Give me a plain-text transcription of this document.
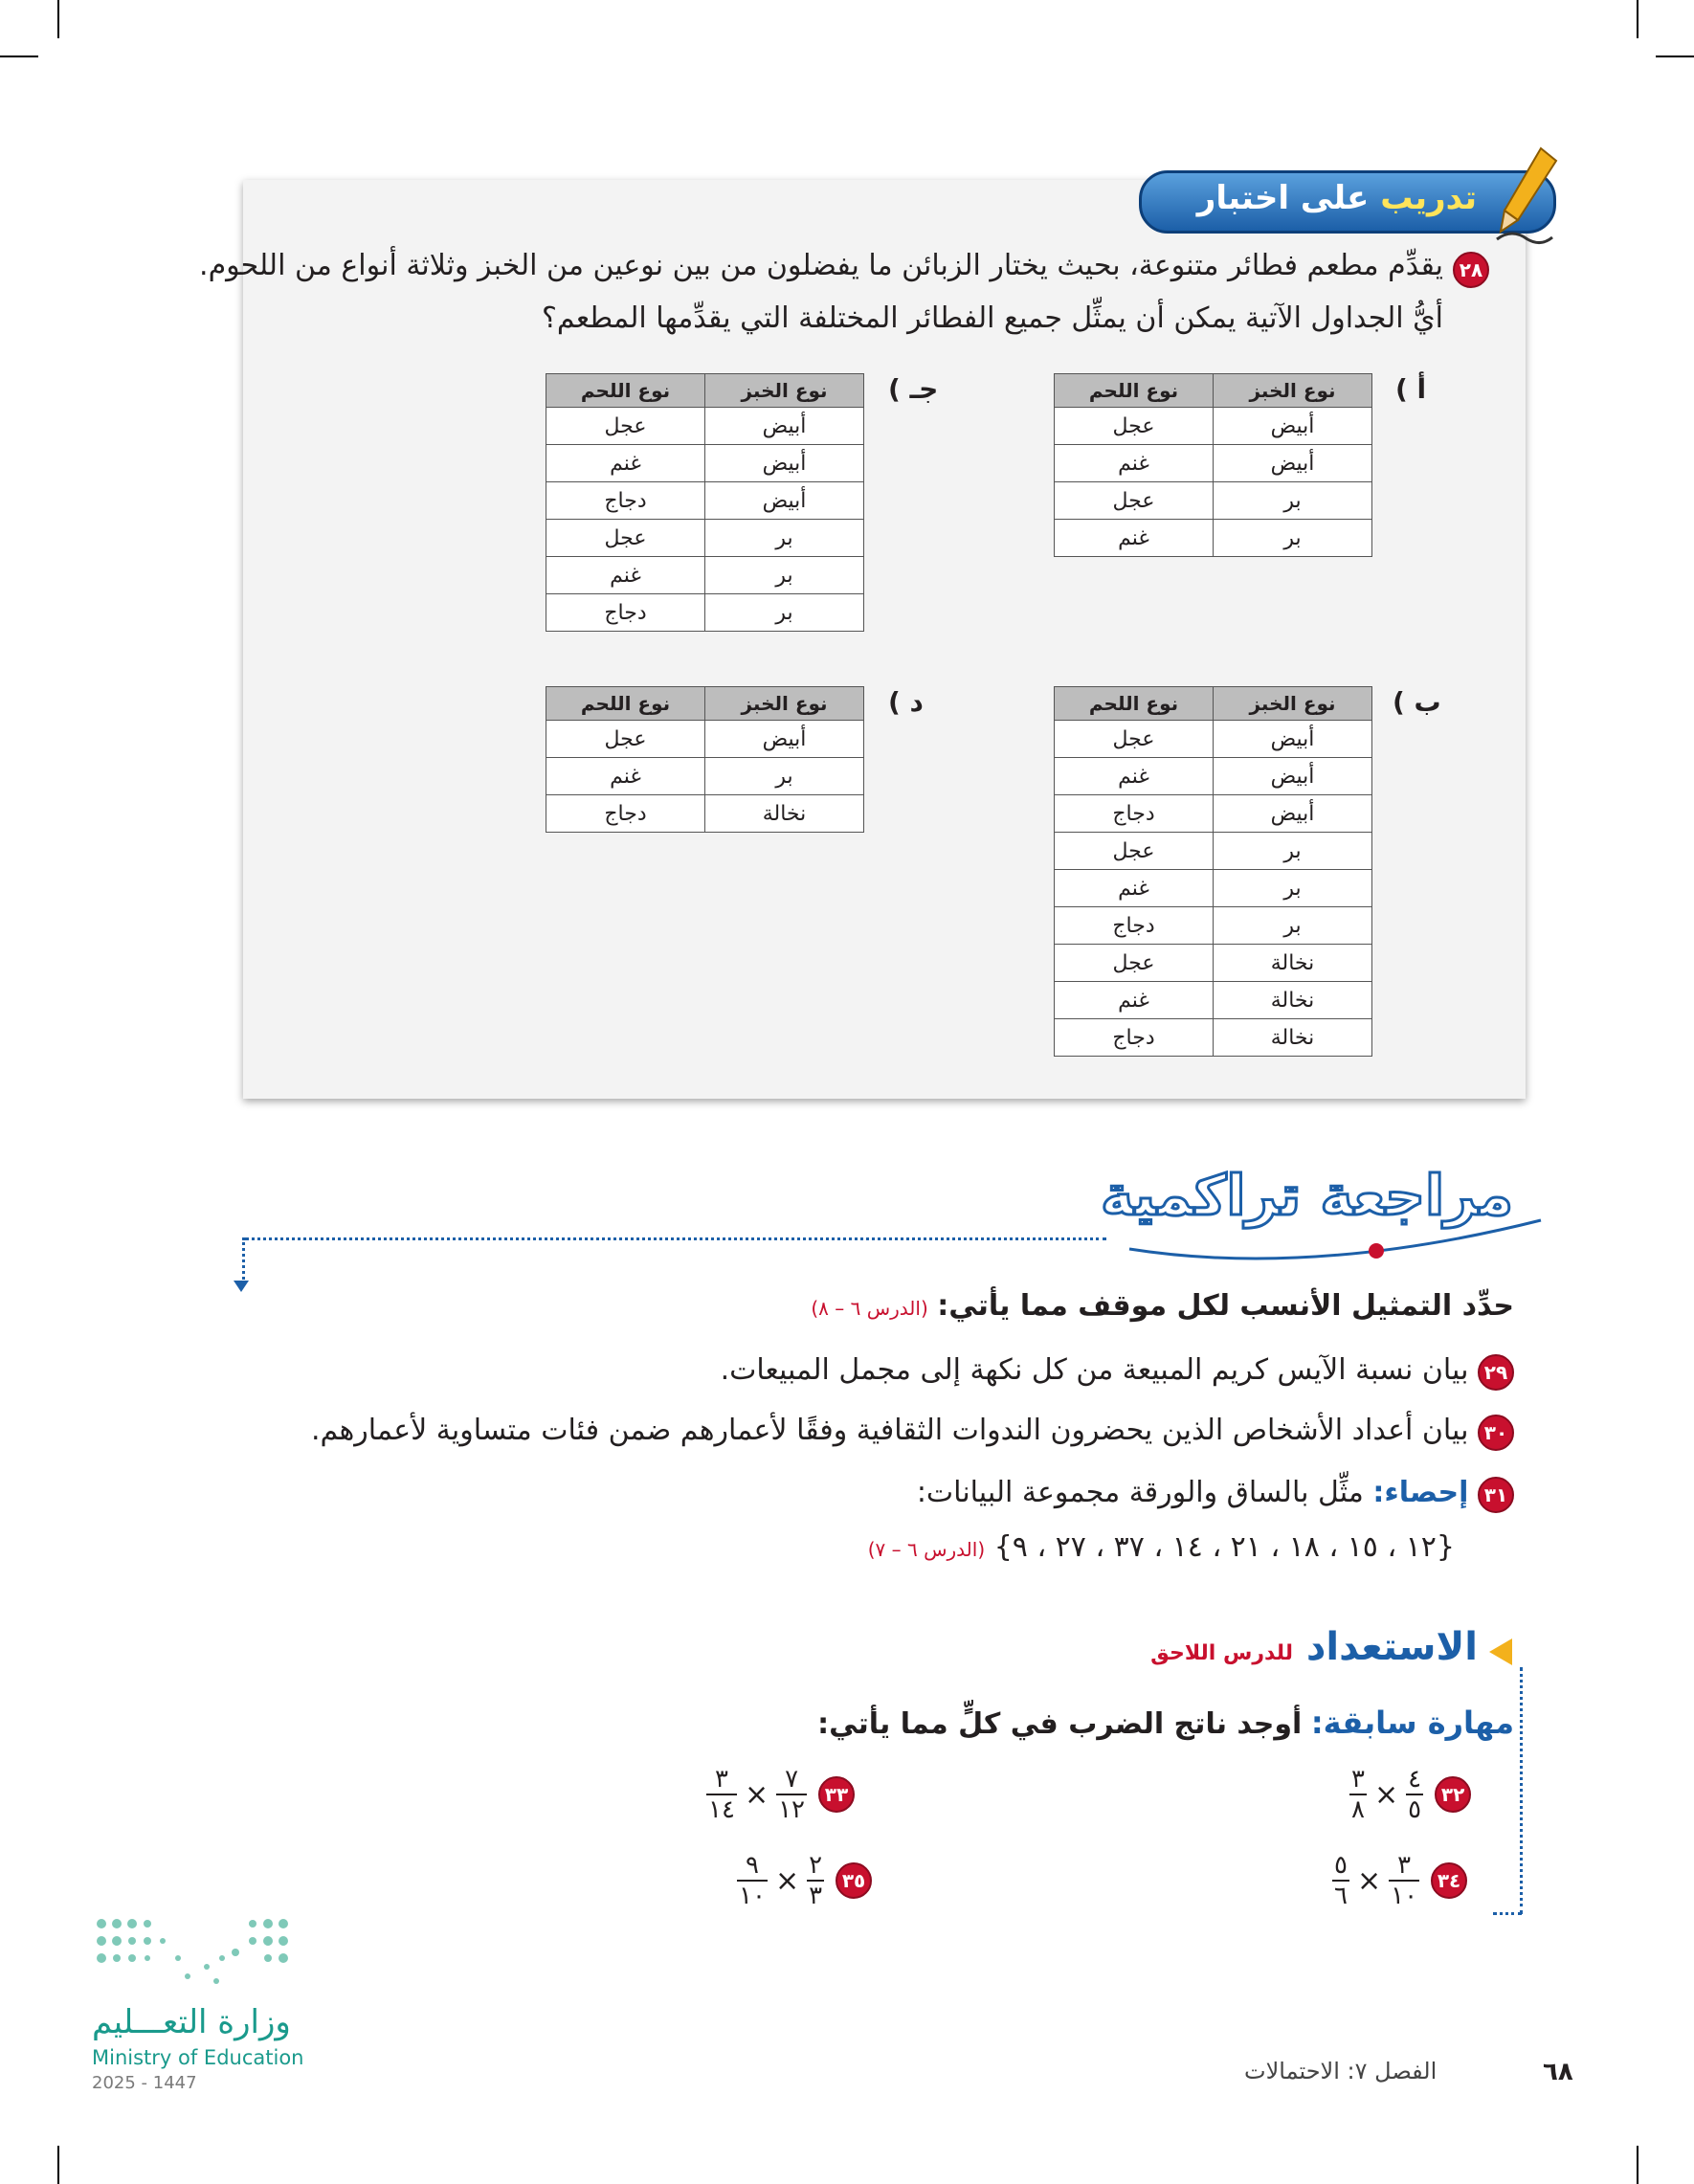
تدريب على اختبار
٢٨
يقدِّم مطعم فطائر متنوعة، بحيث يختار الزبائن ما يفضلون من بين نوعين من الخبز وثلاثة أنواع من اللحوم.
أيُّ الجداول الآتية يمكن أن يمثِّل جميع الفطائر المختلفة التي يقدِّمها المطعم؟
أ )
نوع الخبز	نوع اللحم
أبيض	عجل
أبيض	غنم
بر	عجل
بر	غنم
جـ )
نوع الخبز	نوع اللحم
أبيض	عجل
أبيض	غنم
أبيض	دجاج
بر	عجل
بر	غنم
بر	دجاج
ب )
نوع الخبز	نوع اللحم
أبيض	عجل
أبيض	غنم
أبيض	دجاج
بر	عجل
بر	غنم
بر	دجاج
نخالة	عجل
نخالة	غنم
نخالة	دجاج
د )
نوع الخبز	نوع اللحم
أبيض	عجل
بر	غنم
نخالة	دجاج
مراجعة تراكمية
حدِّد التمثيل الأنسب لكل موقف مما يأتي: (الدرس ٦ – ٨)
٢٩ بيان نسبة الآيس كريم المبيعة من كل نكهة إلى مجمل المبيعات.
٣٠ بيان أعداد الأشخاص الذين يحضرون الندوات الثقافية وفقًا لأعمارهم ضمن فئات متساوية لأعمارهم.
٣١ إحصاء: مثِّل بالساق والورقة مجموعة البيانات:
{١٢ ، ١٥ ، ١٨ ، ٢١ ، ١٤ ، ٣٧ ، ٢٧ ، ٩} (الدرس ٦ – ٧)
الاستعداد للدرس اللاحق
مهارة سابقة: أوجد ناتج الضرب في كلٍّ مما يأتي:
٣٢
$\frac{٤}{٥}$
×
$\frac{٣}{٨}$
٣٣
$\frac{٧}{١٢}$
×
$\frac{٣}{١٤}$
٣٤
$\frac{٣}{١٠}$
×
$\frac{٥}{٦}$
٣٥
$\frac{٢}{٣}$
×
$\frac{٩}{١٠}$
وزارة التعـــليم
Ministry of Education
2025 - 1447	الفصل ٧: الاحتمالات	٦٨
